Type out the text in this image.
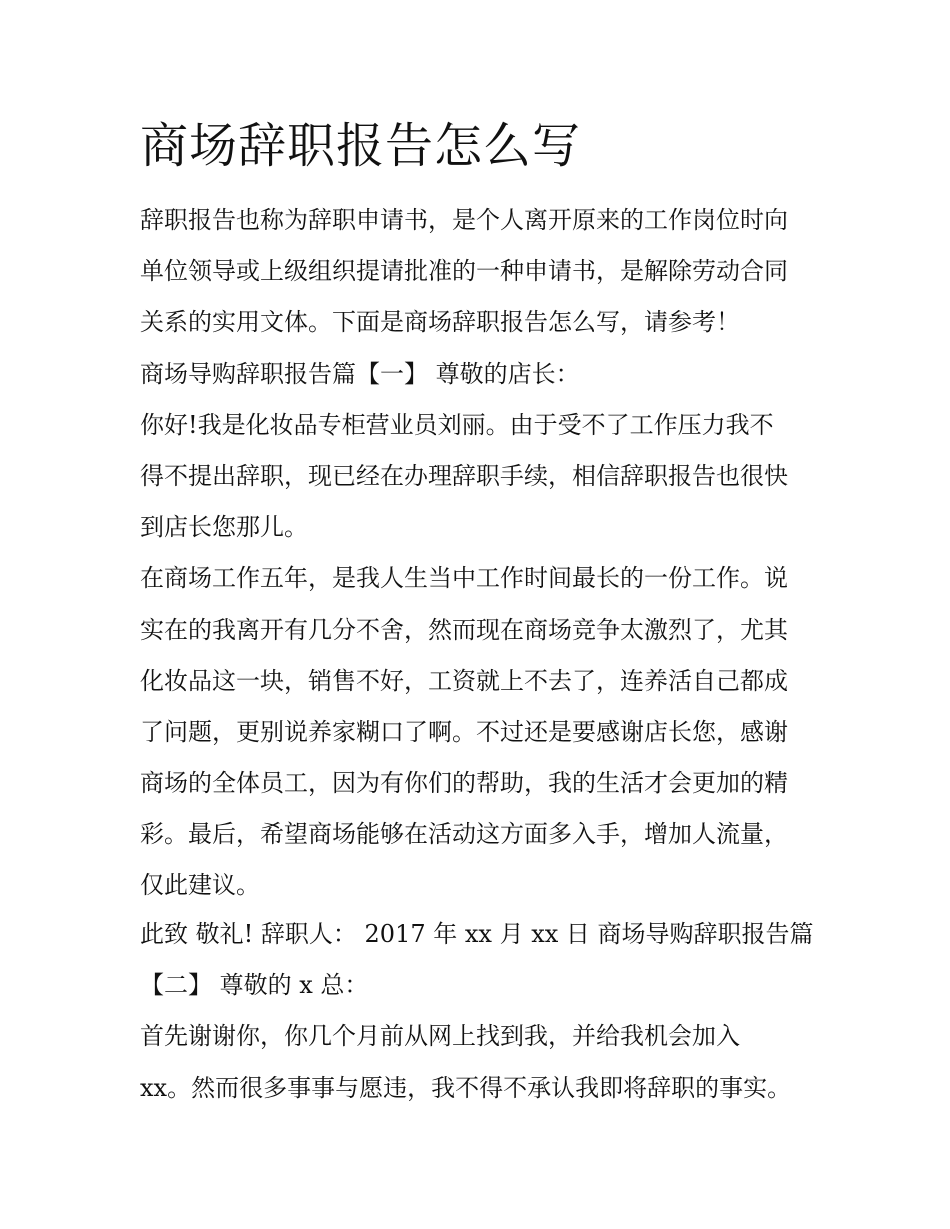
商场辞职报告怎么写

辞职报告也称为辞职申请书，是个人离开原来的工作岗位时向

单位领导或上级组织提请批准的一种申请书，是解除劳动合同

关系的实用文体。下面是商场辞职报告怎么写，请参考！

商场导购辞职报告篇【一】 尊敬的店长：

你好!我是化妆品专柜营业员刘丽。由于受不了工作压力我不

得不提出辞职，现已经在办理辞职手续，相信辞职报告也很快

到店长您那儿。

在商场工作五年，是我人生当中工作时间最长的一份工作。说

实在的我离开有几分不舍，然而现在商场竞争太激烈了，尤其

化妆品这一块，销售不好，工资就上不去了，连养活自己都成

了问题，更别说养家糊口了啊。不过还是要感谢店长您，感谢

商场的全体员工，因为有你们的帮助，我的生活才会更加的精

彩。最后，希望商场能够在活动这方面多入手，增加人流量，

仅此建议。

此致 敬礼! 辞职人： 2017 年 xx 月 xx 日 商场导购辞职报告篇

【二】 尊敬的 x 总：

首先谢谢你，你几个月前从网上找到我，并给我机会加入

xx。然而很多事事与愿违，我不得不承认我即将辞职的事实。
